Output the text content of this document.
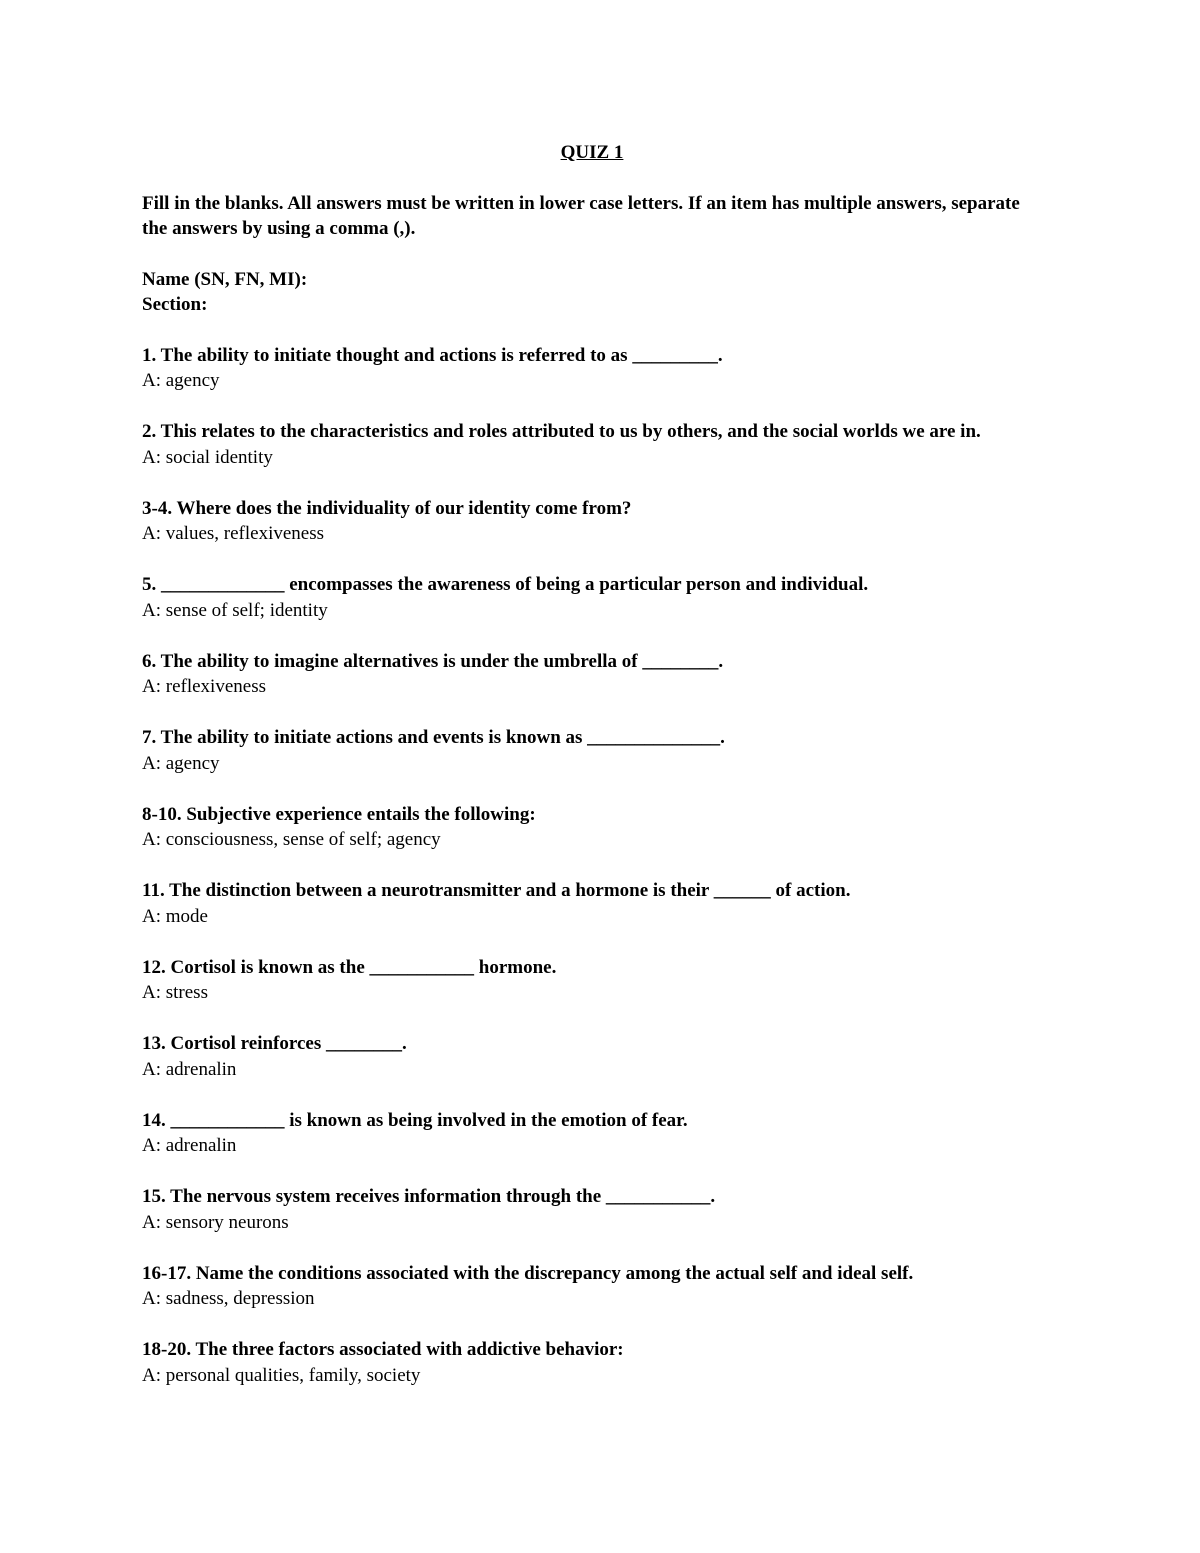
QUIZ 1

Fill in the blanks. All answers must be written in lower case letters. If an item has multiple answers, separate the answers by using a comma (,).

Name (SN, FN, MI):

Section:

1. The ability to initiate thought and actions is referred to as _________.

A: agency

2. This relates to the characteristics and roles attributed to us by others, and the social worlds we are in.

A: social identity

3-4. Where does the individuality of our identity come from?

A: values, reflexiveness

5. _____________ encompasses the awareness of being a particular person and individual.

A: sense of self; identity

6. The ability to imagine alternatives is under the umbrella of ________.

A: reflexiveness

7. The ability to initiate actions and events is known as ______________.

A: agency

8-10. Subjective experience entails the following:

A: consciousness, sense of self; agency

11. The distinction between a neurotransmitter and a hormone is their ______ of action.

A: mode

12. Cortisol is known as the ___________ hormone.

A: stress

13. Cortisol reinforces ________.

A: adrenalin

14. ____________ is known as being involved in the emotion of fear.

A: adrenalin

15. The nervous system receives information through the ___________.

A: sensory neurons

16-17. Name the conditions associated with the discrepancy among the actual self and ideal self.

A: sadness, depression

18-20. The three factors associated with addictive behavior:

A: personal qualities, family, society
